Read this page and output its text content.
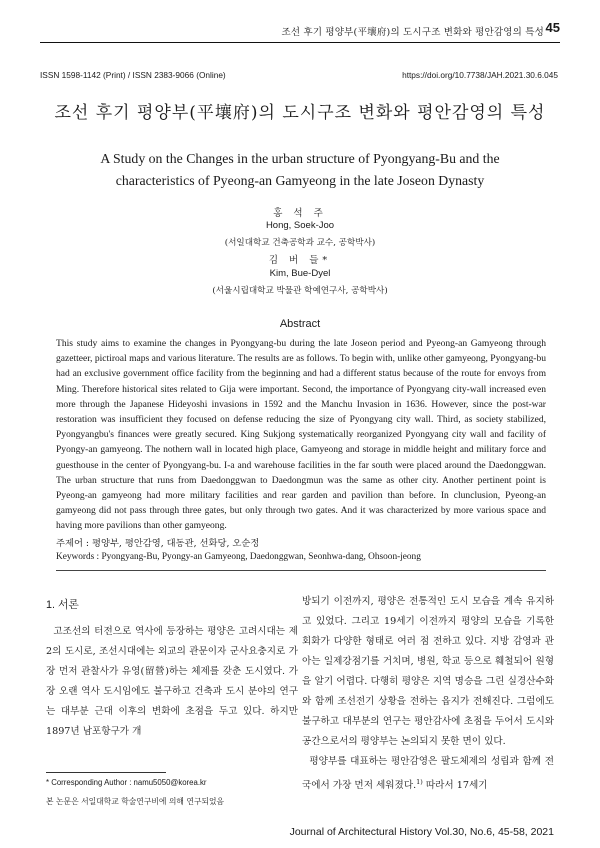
조선 후기 평양부(平壤府)의 도시구조 변화와 평안감영의 특성 45
ISSN 1598-1142 (Print) / ISSN 2383-9066 (Online)	https://doi.org/10.7738/JAH.2021.30.6.045
조선 후기 평양부(平壤府)의 도시구조 변화와 평안감영의 특성
A Study on the Changes in the urban structure of Pyongyang-Bu and the
characteristics of Pyeong-an Gamyeong in the late Joseon Dynasty
홍 석 주
Hong, Soek-Joo
(서일대학교 건축공학과 교수, 공학박사)
김 버 들*
Kim, Bue-Dyel
(서울시립대학교 박물관 학예연구사, 공학박사)
Abstract

This study aims to examine the changes in Pyongyang-bu during the late Joseon period and Pyeong-an Gamyeong through gazetteer, pictiroal maps and various literature. The results are as follows. To begin with, unlike other gamyeong, Pyongyang-bu had an exclusive government office facility from the beginning and had a different status because of the route for envoys from Ming. Therefore historical sites related to Gija were important. Second, the importance of Pyongyang city-wall increased even more through the Japanese Hideyoshi invasions in 1592 and the Manchu Invasion in 1636. However, since the post-war restoration was insufficient they focused on defense reducing the size of Pyongyang city wall. Third, as society stabilized, Pyongyangbu's finances were greatly secured. King Sukjong systematically reorganized Pyongyang city wall and facility of Pyongy-an gamyeong. The nothern wall in located high place, Gamyeong and storage in middle height and military force and guesthouse in the center of Pyongyang-bu. I-a and warehouse facilities in the far south were placed around the Daedonggwan. The urban structure that runs from Daedonggwan to Daedongmun was the same as other city. Another pertinent point is Pyeong-an gamyeong had more military facilities and rear garden and pavilion than before. In clunclusion, Pyeong-an gamyeong did not pass through three gates, but only through two gates. And it was characterized by more various space and having more pavilions than other gamyeong.

주제어 : 평양부, 평안감영, 대동관, 선화당, 오순정
Keywords : Pyongyang-Bu, Pyongy-an Gamyeong, Daedonggwan, Seonhwa-dang, Ohsoon-jeong
1. 서론

고조선의 터전으로 역사에 등장하는 평양은 고려시대는 제2의 도시로, 조선시대에는 외교의 관문이자 군사요충지로 가장 먼저 관찰사가 유영(留營)하는 체제를 갖춘 도시였다. 가장 오랜 역사 도시임에도 불구하고 건축과 도시 분야의 연구는 대부분 근대 이후의 변화에 초점을 두고 있다. 하지만 1897년 남포항구가 개

방되기 이전까지, 평양은 전통적인 도시 모습을 계속 유지하고 있었다. 그리고 19세기 이전까지 평양의 모습을 기록한 회화가 다양한 형태로 여러 점 전하고 있다. 지방 감영과 관아는 일제강점기를 거치며, 병원, 학교 등으로 훼철되어 원형을 알기 어렵다. 다행히 평양은 지역 명승을 그린 실경산수화와 함께 조선전기 상황을 전하는 읍지가 전해진다. 그럼에도 불구하고 대부분의 연구는 평안감사에 초점을 두어서 도시와 공간으로서의 평양부는 논의되지 못한 면이 있다.

평양부를 대표하는 평안감영은 팔도체제의 성립과 함께 전국에서 가장 먼저 세워졌다.$^{1)}$ 따라서 17세기

* Corresponding Author : namu5050@korea.kr
본 논문은 서일대학교 학술연구비에 의해 연구되었음
Journal of Architectural History Vol.30, No.6, 45-58, 2021
